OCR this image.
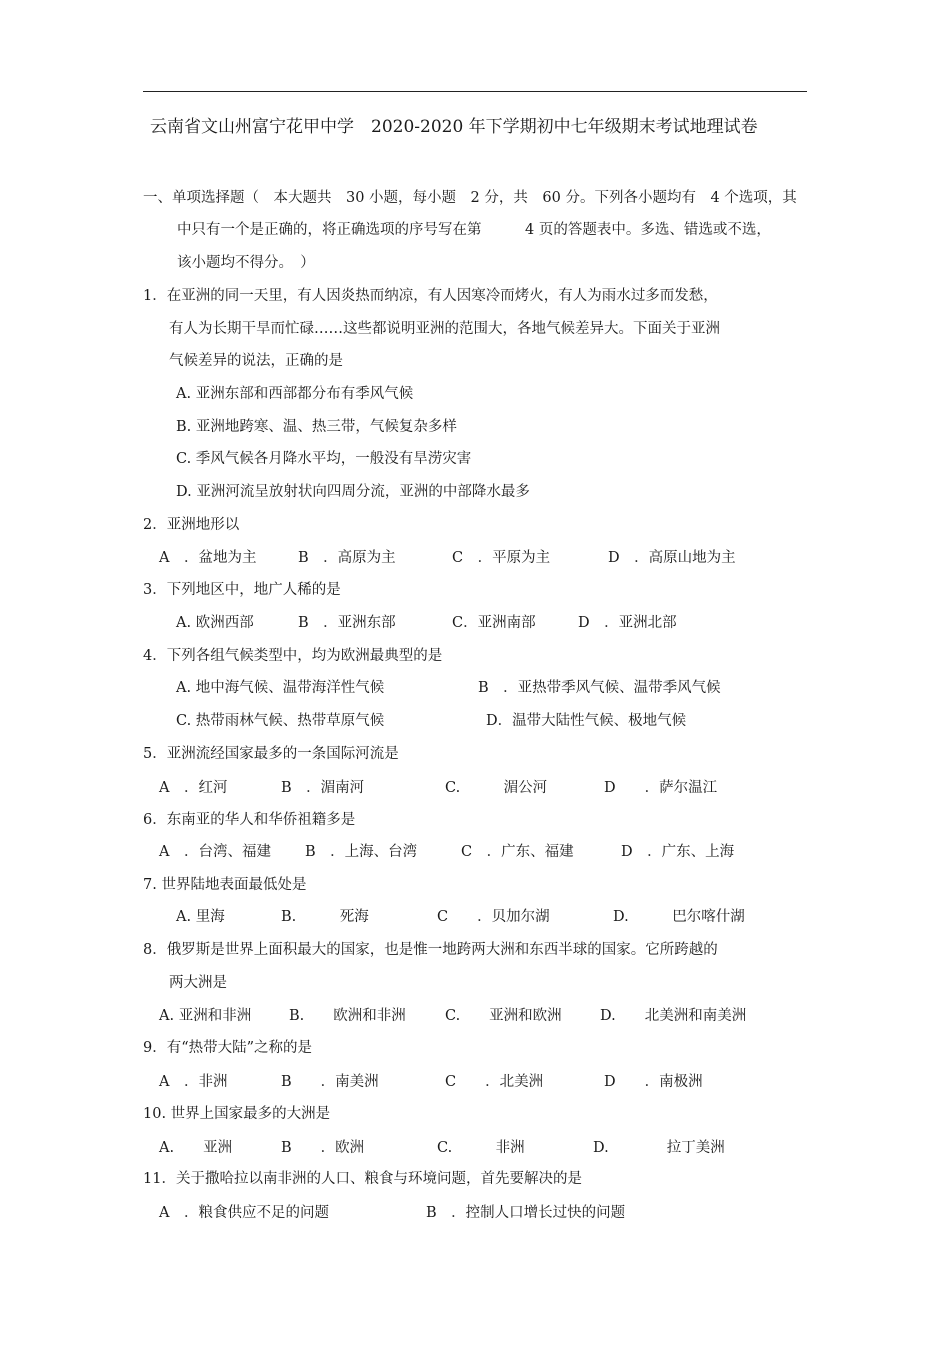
云南省文山州富宁花甲中学　2020-2020 年下学期初中七年级期末考试地理试卷
一、单项选择题（　本大题共　30 小题，每小题　2 分，共　60 分。下列各小题均有　4 个选项，其
中只有一个是正确的，将正确选项的序号写在第　　　4 页的答题表中。多选、错选或不选，
该小题均不得分。　）
1．在亚洲的同一天里，有人因炎热而纳凉，有人因寒冷而烤火，有人为雨水过多而发愁，
有人为长期干旱而忙碌……这些都说明亚洲的范围大，各地气候差异大。下面关于亚洲
气候差异的说法，正确的是
A. 亚洲东部和西部都分布有季风气候
B. 亚洲地跨寒、温、热三带，气候复杂多样
C. 季风气候各月降水平均，一般没有旱涝灾害
D. 亚洲河流呈放射状向四周分流，亚洲的中部降水最多
2．亚洲地形以
A　．盆地为主	B　．高原为主	C　．平原为主	D　．高原山地为主
3．下列地区中，地广人稀的是
A. 欧洲西部	B　．亚洲东部	C．亚洲南部	D　．亚洲北部
4．下列各组气候类型中，均为欧洲最典型的是
A. 地中海气候、温带海洋性气候	B　．亚热带季风气候、温带季风气候
C. 热带雨林气候、热带草原气候	D．温带大陆性气候、极地气候
5．亚洲流经国家最多的一条国际河流是
A　．红河	B　．湄南河	C.　　　湄公河	D　　．萨尔温江
6．东南亚的华人和华侨祖籍多是
A　．台湾、福建 B　．上海、台湾	C　．广东、福建	D　．广东、上海
7. 世界陆地表面最低处是
A. 里海	B.　　　死海	C　　．贝加尔湖	D.　　　巴尔喀什湖
8．俄罗斯是世界上面积最大的国家，也是惟一地跨两大洲和东西半球的国家。它所跨越的
两大洲是
A. 亚洲和非洲	B.　　欧洲和非洲	C.　　亚洲和欧洲	D.　　北美洲和南美洲
9．有“热带大陆”之称的是
A　．非洲	B　　．南美洲	C　　．北美洲	D　　．南极洲
10. 世界上国家最多的大洲是
A.　　亚洲	B　　．欧洲	C.　　　非洲	D.　　　　拉丁美洲
11．关于撒哈拉以南非洲的人口、粮食与环境问题，首先要解决的是
A　．粮食供应不足的问题	B　．控制人口增长过快的问题
